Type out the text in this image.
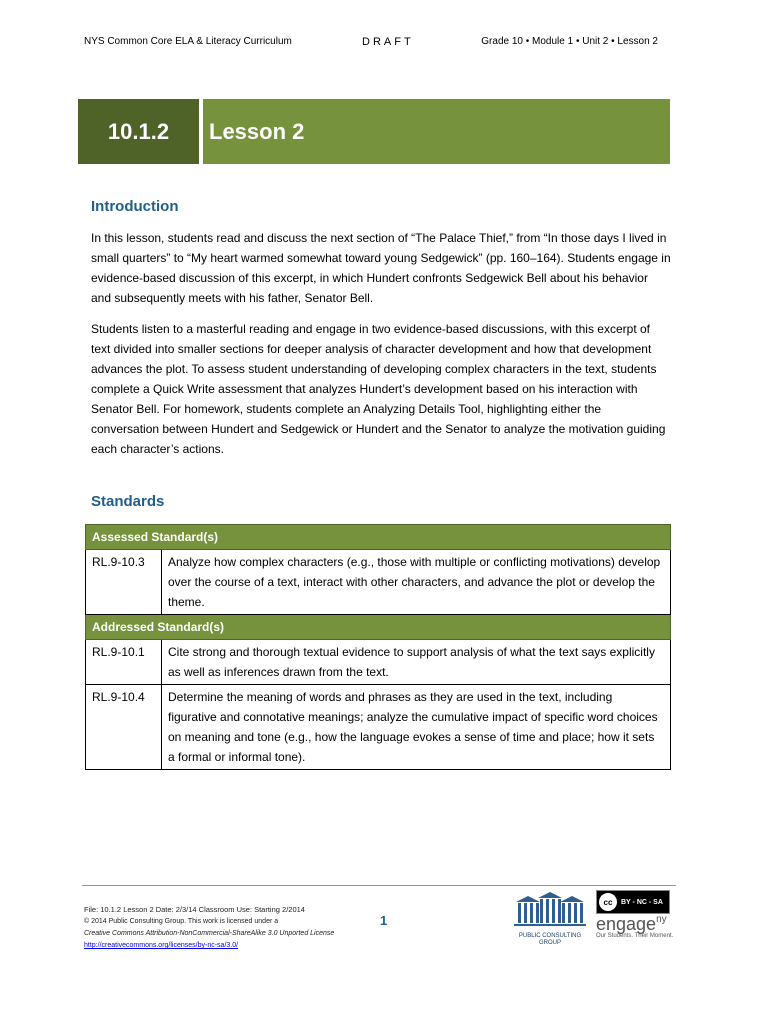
NYS Common Core ELA & Literacy Curriculum	DRAFT	Grade 10 • Module 1 • Unit 2 • Lesson 2
10.1.2	Lesson 2
Introduction

In this lesson, students read and discuss the next section of “The Palace Thief,” from “In those days I lived in small quarters” to “My heart warmed somewhat toward young Sedgewick” (pp. 160–164). Students engage in evidence-based discussion of this excerpt, in which Hundert confronts Sedgewick Bell about his behavior and subsequently meets with his father, Senator Bell.

Students listen to a masterful reading and engage in two evidence-based discussions, with this excerpt of text divided into smaller sections for deeper analysis of character development and how that development advances the plot. To assess student understanding of developing complex characters in the text, students complete a Quick Write assessment that analyzes Hundert’s development based on his interaction with Senator Bell. For homework, students complete an Analyzing Details Tool, highlighting either the conversation between Hundert and Sedgewick or Hundert and the Senator to analyze the motivation guiding each character’s actions.

Standards
Assessed Standard(s)	
RL.9-10.3	Analyze how complex characters (e.g., those with multiple or conflicting motivations) develop over the course of a text, interact with other characters, and advance the plot or develop the theme.
Addressed Standard(s)	
RL.9-10.1	Cite strong and thorough textual evidence to support analysis of what the text says explicitly as well as inferences drawn from the text.
RL.9-10.4	Determine the meaning of words and phrases as they are used in the text, including figurative and connotative meanings; analyze the cumulative impact of specific word choices on meaning and tone (e.g., how the language evokes a sense of time and place; how it sets a formal or informal tone).
File: 10.1.2 Lesson 2 Date: 2/3/14 Classroom Use: Starting 2/2014
© 2014 Public Consulting Group. This work is licensed under a
Creative Commons Attribution-NonCommercial-ShareAlike 3.0 Unported License
http://creativecommons.org/licenses/by-nc-sa/3.0/
1
PUBLIC CONSULTING
GROUP
cc	BY - NC - SA
engage$^{ny}$
Our Students. Their Moment.
